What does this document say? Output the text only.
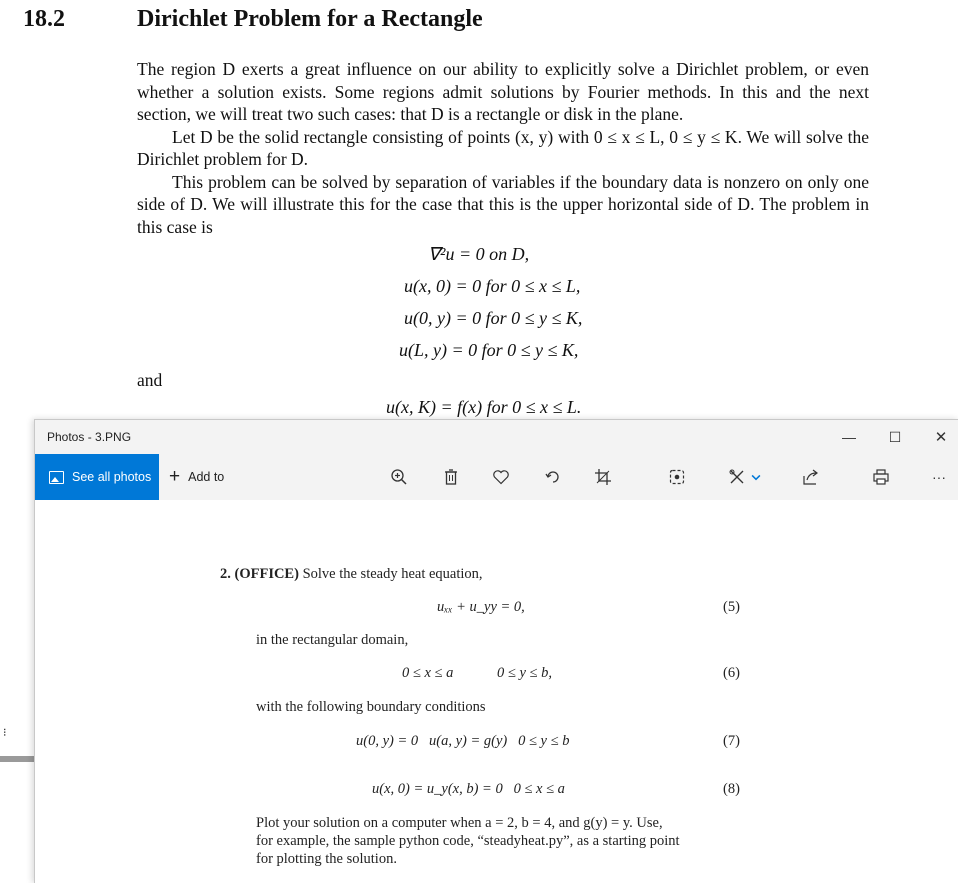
18.2	Dirichlet Problem for a Rectangle

The region D exerts a great influence on our ability to explicitly solve a Dirichlet problem, or even whether a solution exists. Some regions admit solutions by Fourier methods. In this and the next section, we will treat two such cases: that D is a rectangle or disk in the plane.

Let D be the solid rectangle consisting of points (x, y) with 0 ≤ x ≤ L, 0 ≤ y ≤ K. We will solve the Dirichlet problem for D.

This problem can be solved by separation of variables if the boundary data is nonzero on only one side of D. We will illustrate this for the case that this is the upper horizontal side of D. The problem in this case is

∇²u = 0 on D,
u(x, 0) = 0 for 0 ≤ x ≤ L,
u(0, y) = 0 for 0 ≤ y ≤ K,
u(L, y) = 0 for 0 ≤ y ≤ K,
and
u(x, K) = f(x) for 0 ≤ x ≤ L.
⁝
Photos - 3.PNG	—	☐	✕
See all photos + Add to	···
2. (OFFICE) Solve the steady heat equation,
uₓₓ + u_yy = 0,	(5)
in the rectangular domain,
0 ≤ x ≤ a	0 ≤ y ≤ b,	(6)
with the following boundary conditions
u(0, y) = 0   u(a, y) = g(y)   0 ≤ y ≤ b	(7)
u(x, 0) = u_y(x, b) = 0   0 ≤ x ≤ a	(8)
Plot your solution on a computer when a = 2, b = 4, and g(y) = y. Use,
for example, the sample python code, “steadyheat.py”, as a starting point
for plotting the solution.
